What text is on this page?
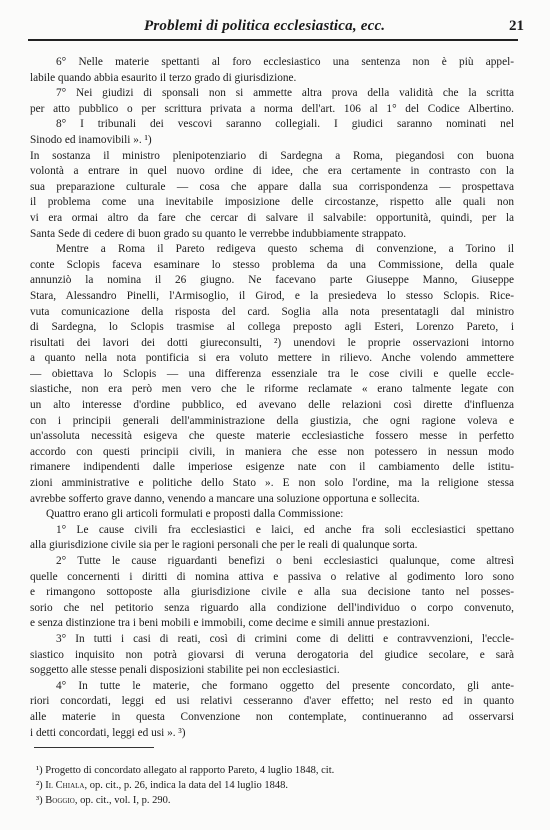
Problemi di politica ecclesiastica, ecc.	21
6° Nelle materie spettanti al foro ecclesiastico una sentenza non è più appel-
labile quando abbia esaurito il terzo grado di giurisdizione.
7° Nei giudizi di sponsali non si ammette altra prova della validità che la scritta
per atto pubblico o per scrittura privata a norma dell'art. 106 al 1° del Codice Albertino.
8° I tribunali dei vescovi saranno collegiali. I giudici saranno nominati nel
Sinodo ed inamovibili ». ¹)
In sostanza il ministro plenipotenziario di Sardegna a Roma, piegandosi con buona
volontà a entrare in quel nuovo ordine di idee, che era certamente in contrasto con la
sua preparazione culturale — cosa che appare dalla sua corrispondenza — prospettava
il problema come una inevitabile imposizione delle circostanze, rispetto alle quali non
vi era ormai altro da fare che cercar di salvare il salvabile: opportunità, quindi, per la
Santa Sede di cedere di buon grado su quanto le verrebbe indubbiamente strappato.
Mentre a Roma il Pareto redigeva questo schema di convenzione, a Torino il
conte Sclopis faceva esaminare lo stesso problema da una Commissione, della quale
annunziò la nomina il 26 giugno. Ne facevano parte Giuseppe Manno, Giuseppe
Stara, Alessandro Pinelli, l'Armisoglio, il Girod, e la presiedeva lo stesso Sclopis. Rice-
vuta comunicazione della risposta del card. Soglia alla nota presentatagli dal ministro
di Sardegna, lo Sclopis trasmise al collega preposto agli Esteri, Lorenzo Pareto, i
risultati dei lavori dei dotti giureconsulti, ²) unendovi le proprie osservazioni intorno
a quanto nella nota pontificia si era voluto mettere in rilievo. Anche volendo ammettere
— obiettava lo Sclopis — una differenza essenziale tra le cose civili e quelle eccle-
siastiche, non era però men vero che le riforme reclamate « erano talmente legate con
un alto interesse d'ordine pubblico, ed avevano delle relazioni così dirette d'influenza
con i principii generali dell'amministrazione della giustizia, che ogni ragione voleva e
un'assoluta necessità esigeva che queste materie ecclesiastiche fossero messe in perfetto
accordo con questi principii civili, in maniera che esse non potessero in nessun modo
rimanere indipendenti dalle imperiose esigenze nate con il cambiamento delle istitu-
zioni amministrative e politiche dello Stato ». E non solo l'ordine, ma la religione stessa
avrebbe sofferto grave danno, venendo a mancare una soluzione opportuna e sollecita.
Quattro erano gli articoli formulati e proposti dalla Commissione:
1° Le cause civili fra ecclesiastici e laici, ed anche fra soli ecclesiastici spettano
alla giurisdizione civile sia per le ragioni personali che per le reali di qualunque sorta.
2° Tutte le cause riguardanti benefizi o beni ecclesiastici qualunque, come altresì
quelle concernenti i diritti di nomina attiva e passiva o relative al godimento loro sono
e rimangono sottoposte alla giurisdizione civile e alla sua decisione tanto nel posses-
sorio che nel petitorio senza riguardo alla condizione dell'individuo o corpo convenuto,
e senza distinzione tra i beni mobili e immobili, come decime e simili annue prestazioni.
3° In tutti i casi di reati, così di crimini come di delitti e contravvenzioni, l'eccle-
siastico inquisito non potrà giovarsi di veruna derogatoria del giudice secolare, e sarà
soggetto alle stesse penali disposizioni stabilite pei non ecclesiastici.
4° In tutte le materie, che formano oggetto del presente concordato, gli ante-
riori concordati, leggi ed usi relativi cesseranno d'aver effetto; nel resto ed in quanto
alle materie in questa Convenzione non contemplate, continueranno ad osservarsi
i detti concordati, leggi ed usi ». ³)
¹) Progetto di concordato allegato al rapporto Pareto, 4 luglio 1848, cit.
²) Il Chiala, op. cit., p. 26, indica la data del 14 luglio 1848.
³) Boggio, op. cit., vol. I, p. 290.
